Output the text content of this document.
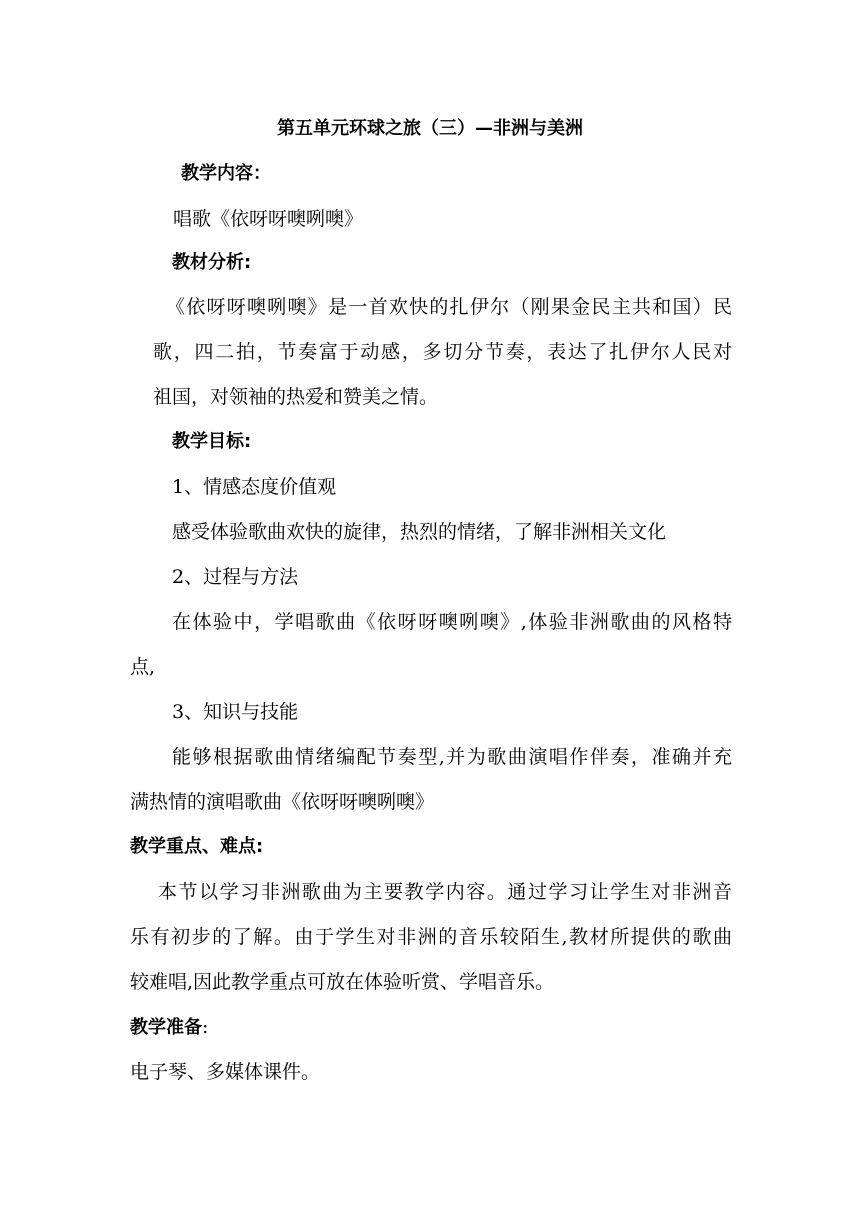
第五单元环球之旅（三）—非洲与美洲
教学内容：
唱歌《依呀呀噢咧噢》
教材分析:
《依呀呀噢咧噢》是一首欢快的扎伊尔（刚果金民主共和国）民
歌，四二拍，节奏富于动感，多切分节奏，表达了扎伊尔人民对
祖国，对领袖的热爱和赞美之情。
教学目标:
1、情感态度价值观
感受体验歌曲欢快的旋律，热烈的情绪，了解非洲相关文化
2、过程与方法
在体验中，学唱歌曲《依呀呀噢咧噢》,体验非洲歌曲的风格特
点,
3、知识与技能
能够根据歌曲情绪编配节奏型,并为歌曲演唱作伴奏，准确并充
满热情的演唱歌曲《依呀呀噢咧噢》
教学重点、难点:
本节以学习非洲歌曲为主要教学内容。通过学习让学生对非洲音
乐有初步的了解。由于学生对非洲的音乐较陌生,教材所提供的歌曲
较难唱,因此教学重点可放在体验听赏、学唱音乐。
教学准备:
电子琴、多媒体课件。
